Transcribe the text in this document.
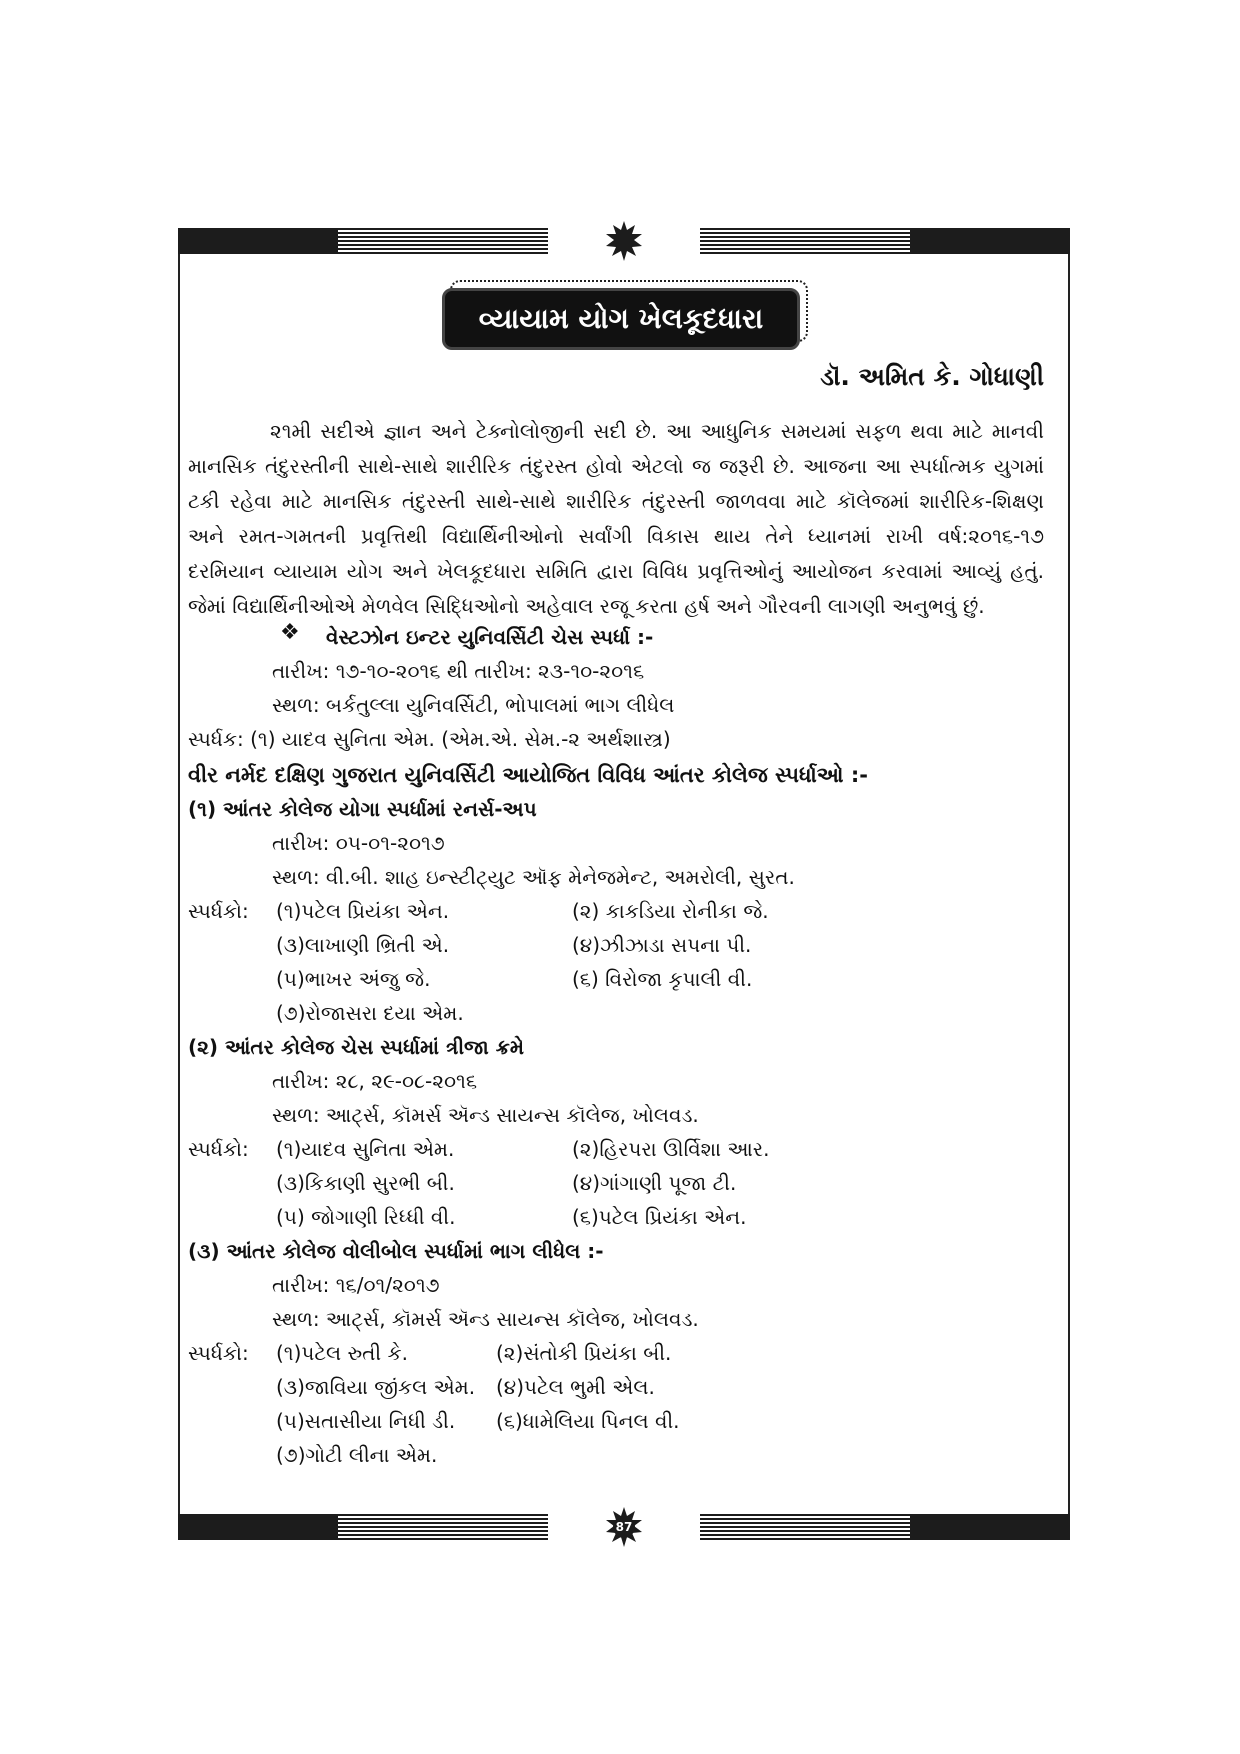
વ્યાયામ યોગ ખેલકૂદધારા
ડૉ. અમિત કે. ગોધાણી

૨૧મી સદીએ જ્ઞાન અને ટેક્નોલોજીની સદી છે. આ આધુનિક સમયમાં સફળ થવા માટે માનવી
માનસિક તંદુરસ્તીની સાથે-સાથે શારીરિક તંદુરસ્ત હોવો એટલો જ જરૂરી છે. આજના આ સ્પર્ધાત્મક યુગમાં
ટકી રહેવા માટે માનસિક તંદુરસ્તી સાથે-સાથે શારીરિક તંદુરસ્તી જાળવવા માટે કૉલેજમાં શારીરિક-શિક્ષણ
અને રમત-ગમતની પ્રવૃત્તિથી વિદ્યાર્થિનીઓનો સર્વાંગી વિકાસ થાય તેને ધ્યાનમાં રાખી વર્ષ:૨૦૧૬-૧૭
દરમિયાન વ્યાયામ યોગ અને ખેલકૂદધારા સમિતિ દ્વારા વિવિધ પ્રવૃત્તિઓનું આયોજન કરવામાં આવ્યું હતું.
જેમાં વિદ્યાર્થિનીઓએ મેળવેલ સિદ્ધિઓનો અહેવાલ રજૂ કરતા હર્ષ અને ગૌરવની લાગણી અનુભવું છું.

❖ વેસ્ટઝોન ઇન્ટર યુનિવર્સિટી ચેસ સ્પર્ધા :-
તારીખ: ૧૭-૧૦-૨૦૧૬ થી તારીખ: ૨૩-૧૦-૨૦૧૬
સ્થળ: બર્કતુલ્લા યુનિવર્સિટી, ભોપાલમાં ભાગ લીધેલ
સ્પર્ધક: (૧) યાદવ સુનિતા એમ. (એમ.એ. સેમ.-૨ અર્થશાસ્ત્ર)
વીર નર્મદ દક્ષિણ ગુજરાત યુનિવર્સિટી આયોજિત વિવિધ આંતર કોલેજ સ્પર્ધાઓ :-
(૧) આંતર કોલેજ યોગા સ્પર્ધામાં રનર્સ-અપ
તારીખ: ૦૫-૦૧-૨૦૧૭
સ્થળ: વી.બી. શાહ ઇન્સ્ટીટ્યુટ ઑફ મેનેજમેન્ટ, અમરોલી, સુરત.
સ્પર્ધકો: (૧)પટેલ પ્રિયંકા એન.	(૨) કાકડિયા રોનીકા જે.
(૩)લાખાણી ભ્રિતી એ.	(૪)ઝીઝાડા સપના પી.
(૫)ભાખર અંજુ જે.	(૬) વિરોજા કૃપાલી વી.
(૭)રોજાસરા દયા એમ.
(૨) આંતર કોલેજ ચેસ સ્પર્ધામાં ત્રીજા ક્રમે
તારીખ: ૨૮, ૨૯-૦૮-૨૦૧૬
સ્થળ: આર્ટ્સ, કૉમર્સ ઍન્ડ સાયન્સ કૉલેજ, ખોલવડ.
સ્પર્ધકો: (૧)યાદવ સુનિતા એમ.	(૨)હિરપરા ઊર્વિશા આર.
(૩)કિકાણી સુરભી બી.	(૪)ગાંગાણી પૂજા ટી.
(૫) જોગાણી રિધ્ધી વી.	(૬)પટેલ પ્રિયંકા એન.
(૩) આંતર કોલેજ વોલીબોલ સ્પર્ધામાં ભાગ લીધેલ :-
તારીખ: ૧૬/૦૧/૨૦૧૭
સ્થળ: આર્ટ્સ, કૉમર્સ ઍન્ડ સાયન્સ કૉલેજ, ખોલવડ.
સ્પર્ધકો: (૧)પટેલ રુતી કે.	(૨)સંતોકી પ્રિયંકા બી.
(૩)જાવિયા જીંકલ એમ. (૪)પટેલ ભુમી એલ.
(૫)સતાસીયા નિધી ડી. (૬)ધામેલિયા પિનલ વી.
(૭)ગોટી લીના એમ.
87
